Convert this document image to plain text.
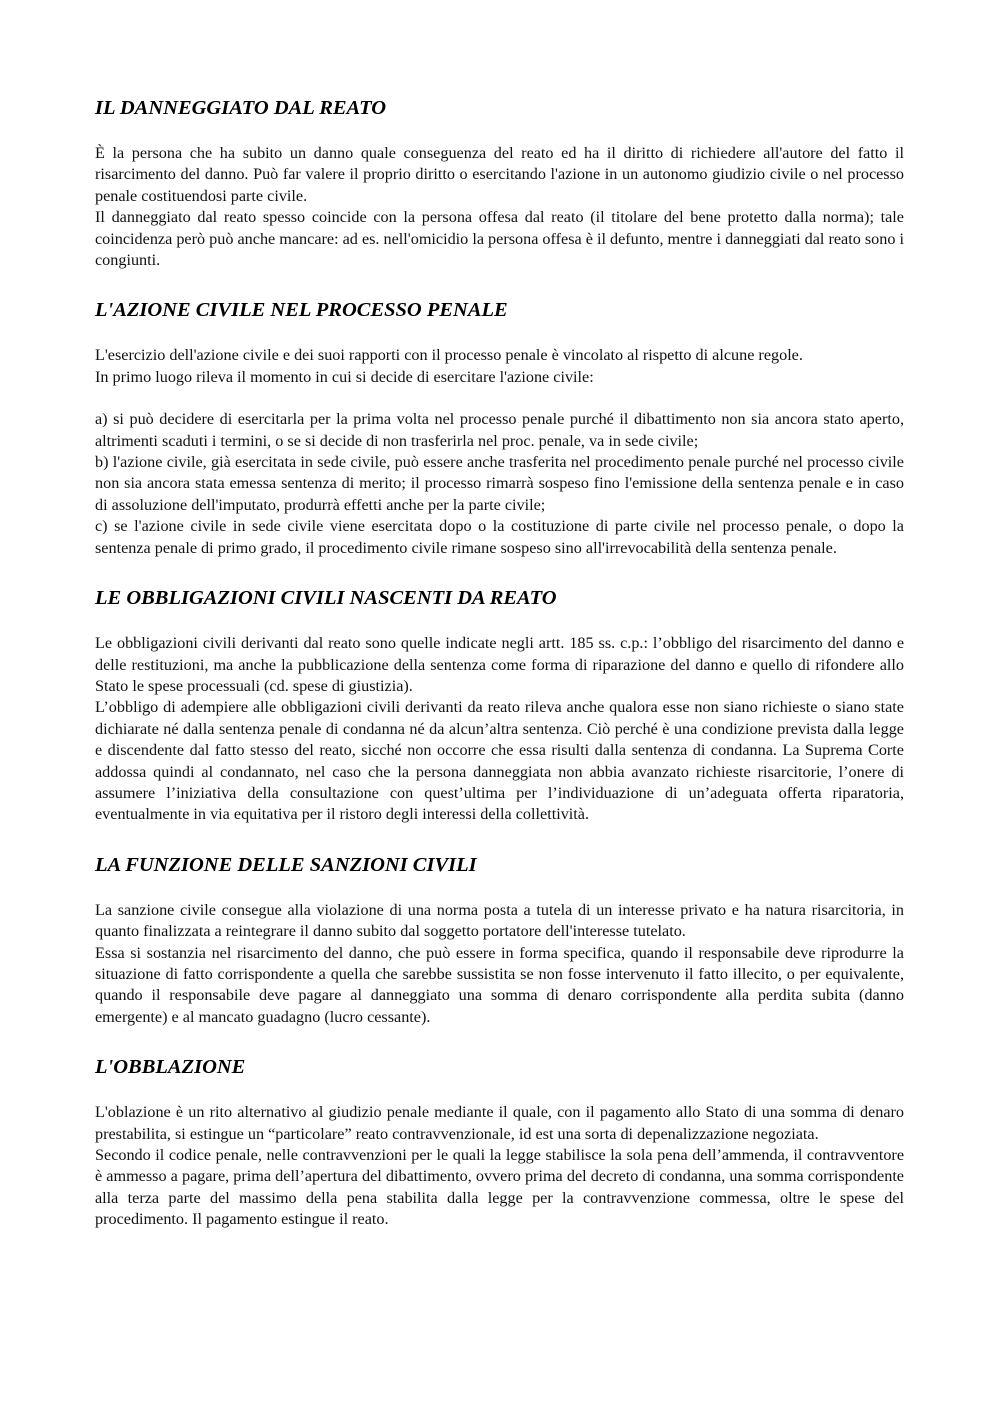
IL DANNEGGIATO DAL REATO

È la persona che ha subito un danno quale conseguenza del reato ed ha il diritto di richiedere all'autore del fatto il risarcimento del danno. Può far valere il proprio diritto o esercitando l'azione in un autonomo giudizio civile o nel processo penale costituendosi parte civile.

Il danneggiato dal reato spesso coincide con la persona offesa dal reato (il titolare del bene protetto dalla norma); tale coincidenza però può anche mancare: ad es. nell'omicidio la persona offesa è il defunto, mentre i danneggiati dal reato sono i congiunti.

L'AZIONE CIVILE NEL PROCESSO PENALE

L'esercizio dell'azione civile e dei suoi rapporti con il processo penale è vincolato al rispetto di alcune regole.

In primo luogo rileva il momento in cui si decide di esercitare l'azione civile:

a) si può decidere di esercitarla per la prima volta nel processo penale purché il dibattimento non sia ancora stato aperto, altrimenti scaduti i termini, o se si decide di non trasferirla nel proc. penale, va in sede civile;

b) l'azione civile, già esercitata in sede civile, può essere anche trasferita nel procedimento penale purché nel processo civile non sia ancora stata emessa sentenza di merito; il processo rimarrà sospeso fino l'emissione della sentenza penale e in caso di assoluzione dell'imputato, produrrà effetti anche per la parte civile;

c) se l'azione civile in sede civile viene esercitata dopo o la costituzione di parte civile nel processo penale, o dopo la sentenza penale di primo grado, il procedimento civile rimane sospeso sino all'irrevocabilità della sentenza penale.

LE OBBLIGAZIONI CIVILI NASCENTI DA REATO

Le obbligazioni civili derivanti dal reato sono quelle indicate negli artt. 185 ss. c.p.: l’obbligo del risarcimento del danno e delle restituzioni, ma anche la pubblicazione della sentenza come forma di riparazione del danno e quello di rifondere allo Stato le spese processuali (cd. spese di giustizia).

L’obbligo di adempiere alle obbligazioni civili derivanti da reato rileva anche qualora esse non siano richieste o siano state dichiarate né dalla sentenza penale di condanna né da alcun’altra sentenza. Ciò perché è una condizione prevista dalla legge e discendente dal fatto stesso del reato, sicché non occorre che essa risulti dalla sentenza di condanna. La Suprema Corte addossa quindi al condannato, nel caso che la persona danneggiata non abbia avanzato richieste risarcitorie, l’onere di assumere l’iniziativa della consultazione con quest’ultima per l’individuazione di un’adeguata offerta riparatoria, eventualmente in via equitativa per il ristoro degli interessi della collettività.

LA FUNZIONE DELLE SANZIONI CIVILI

La sanzione civile consegue alla violazione di una norma posta a tutela di un interesse privato e ha natura risarcitoria, in quanto finalizzata a reintegrare il danno subito dal soggetto portatore dell'interesse tutelato.

Essa si sostanzia nel risarcimento del danno, che può essere in forma specifica, quando il responsabile deve riprodurre la situazione di fatto corrispondente a quella che sarebbe sussistita se non fosse intervenuto il fatto illecito, o per equivalente, quando il responsabile deve pagare al danneggiato una somma di denaro corrispondente alla perdita subita (danno emergente) e al mancato guadagno (lucro cessante).

L'OBBLAZIONE

L'oblazione è un rito alternativo al giudizio penale mediante il quale, con il pagamento allo Stato di una somma di denaro prestabilita, si estingue un “particolare” reato contravvenzionale, id est una sorta di depenalizzazione negoziata.

Secondo il codice penale, nelle contravvenzioni per le quali la legge stabilisce la sola pena dell’ammenda, il contravventore è ammesso a pagare, prima dell’apertura del dibattimento, ovvero prima del decreto di condanna, una somma corrispondente alla terza parte del massimo della pena stabilita dalla legge per la contravvenzione commessa, oltre le spese del procedimento. Il pagamento estingue il reato.
